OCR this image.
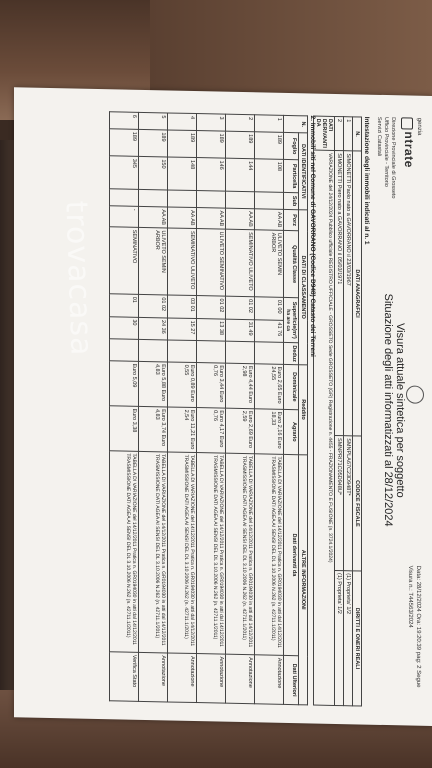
genzia
ntrate
Direzione Provinciale di Grosseto
Ufficio Provinciale - Territorio
Servizi Catastali
Visura attuale sintetica per soggetto
Situazione degli atti informatizzati al 28/12/2024
Data: 28/12/2024 Ora: 19:20:39 pag: 2 Segue
Visura n.: T44563/2024
Intestazione degli immobili indicati al n. 1
N.	DATI ANAGRAFICI	CODICE FISCALE	DIRITTI E ONERI REALI
1	SIMONETTI Paolo nato a GAVORRANO il 23/03/1967	SMNPLA67C23D948T*	(1) Proprieta' 1/2
2	SIMONETTI Piero nato a GAVORRANO il 05/03/1971	SMNPRI71C05D948U*	(1) Proprieta' 1/2
DATI DERIVANTI DA	VARIAZIONE del 24/12/2024 Pubblico ufficiale REGISTRO UFFICIALE - GROSSETO Sede GROSSETO (GR) Registrazione n. 4455 - FRAZIONAMENTO E FUSIONE (n. 3724.1/2024)		
2. Immobili siti nel Comune di GAVORRANO (Codice D948) Catasto dei Terreni
N.	DATI IDENTIFICATIVI			DATI DI CLASSAMENTO					Reddito		ALTRE INFORMAZIONI	
	Foglio	Particella	Sub	Porz	Qualità Classe	Superficie(m²)
ha are ca		Deduz	Dominicale	Agrario	Dati derivanti da	Dati Ulteriori
1	189	108		AA AB	ULIVETO SEMIN ARBOR	01 00	41 76		Euro 2,65 Euro 24,55	Euro 2,16 Euro 18,33	TABELLA DI VARIAZIONE del 14/12/2011 Pratica n. GR0194030 in atti dal 14/12/2011 TRASMISSIONE DATI AGEA AI SENSI DEL DL 3.10.2006 N.262 (n. 42711.1/2011)	Annotazione
2	189	144		AA AB	SEMINATIVO ULIVETO	01 02	31 49		Euro 4,44 Euro 2,98	Euro 2,69 Euro 2,59	TABELLA DI VARIAZIONE del 14/12/2011 Pratica n. GR0194030 in atti dal 14/12/2011 TRASMISSIONE DATI AGEA AI SENSI DEL DL 3.10.2006 N.262 (n. 42711.1/2011)	Annotazione
3	189	146		AA AB	ULIVETO SEMINATIVO	01 02	13 38		Euro 3,44 Euro 0,76	Euro 4,17 Euro 0,76	TABELLA DI VARIAZIONE del 14/12/2011 Pratica n. GR0194030 in atti dal 14/12/2011 TRASMISSIONE DATI AGEA AI SENSI DEL DL 3.10.2006 N.262 (n. 42711.1/2011)	Annotazione
4	189	148		AA AB	SEMINATIVO ULIVETO	03 01	15 27		Euro 0,89 Euro 0,55	Euro 11,21 Euro 2,54	TABELLA DI VARIAZIONE del 14/12/2011 Pratica n. GR0194030 in atti dal 14/12/2011 TRASMISSIONE DATI AGEA AI SENSI DEL DL 3.10.2006 N.262 (n. 42711.1/2011)	Annotazione
5	189	150		AA AB	ULIVETO SEMIN ARBOR	01 02	24 36		Euro 5,88 Euro 4,83	Euro 3,74 Euro 4,83	TABELLA DI VARIAZIONE del 14/12/2011 Pratica n. GR0194030 in atti dal 14/12/2011 TRASMISSIONE DATI AGEA AI SENSI DEL DL 3.10.2006 N.262 (n. 42711.1/2011)	Annotazione
6	189	345		-	SEMINATIVO	01	30		Euro 5,09	Euro 3,38	TABELLA DI VARIAZIONE del 14/12/2011 Pratica n. GR0194030 in atti dal 14/12/2011 TRASMISSIONE DATI AGEA AI SENSI DEL DL 3.10.2006 N.262 (n. 42711.1/2011)	Verifica Stato
trovacasa
